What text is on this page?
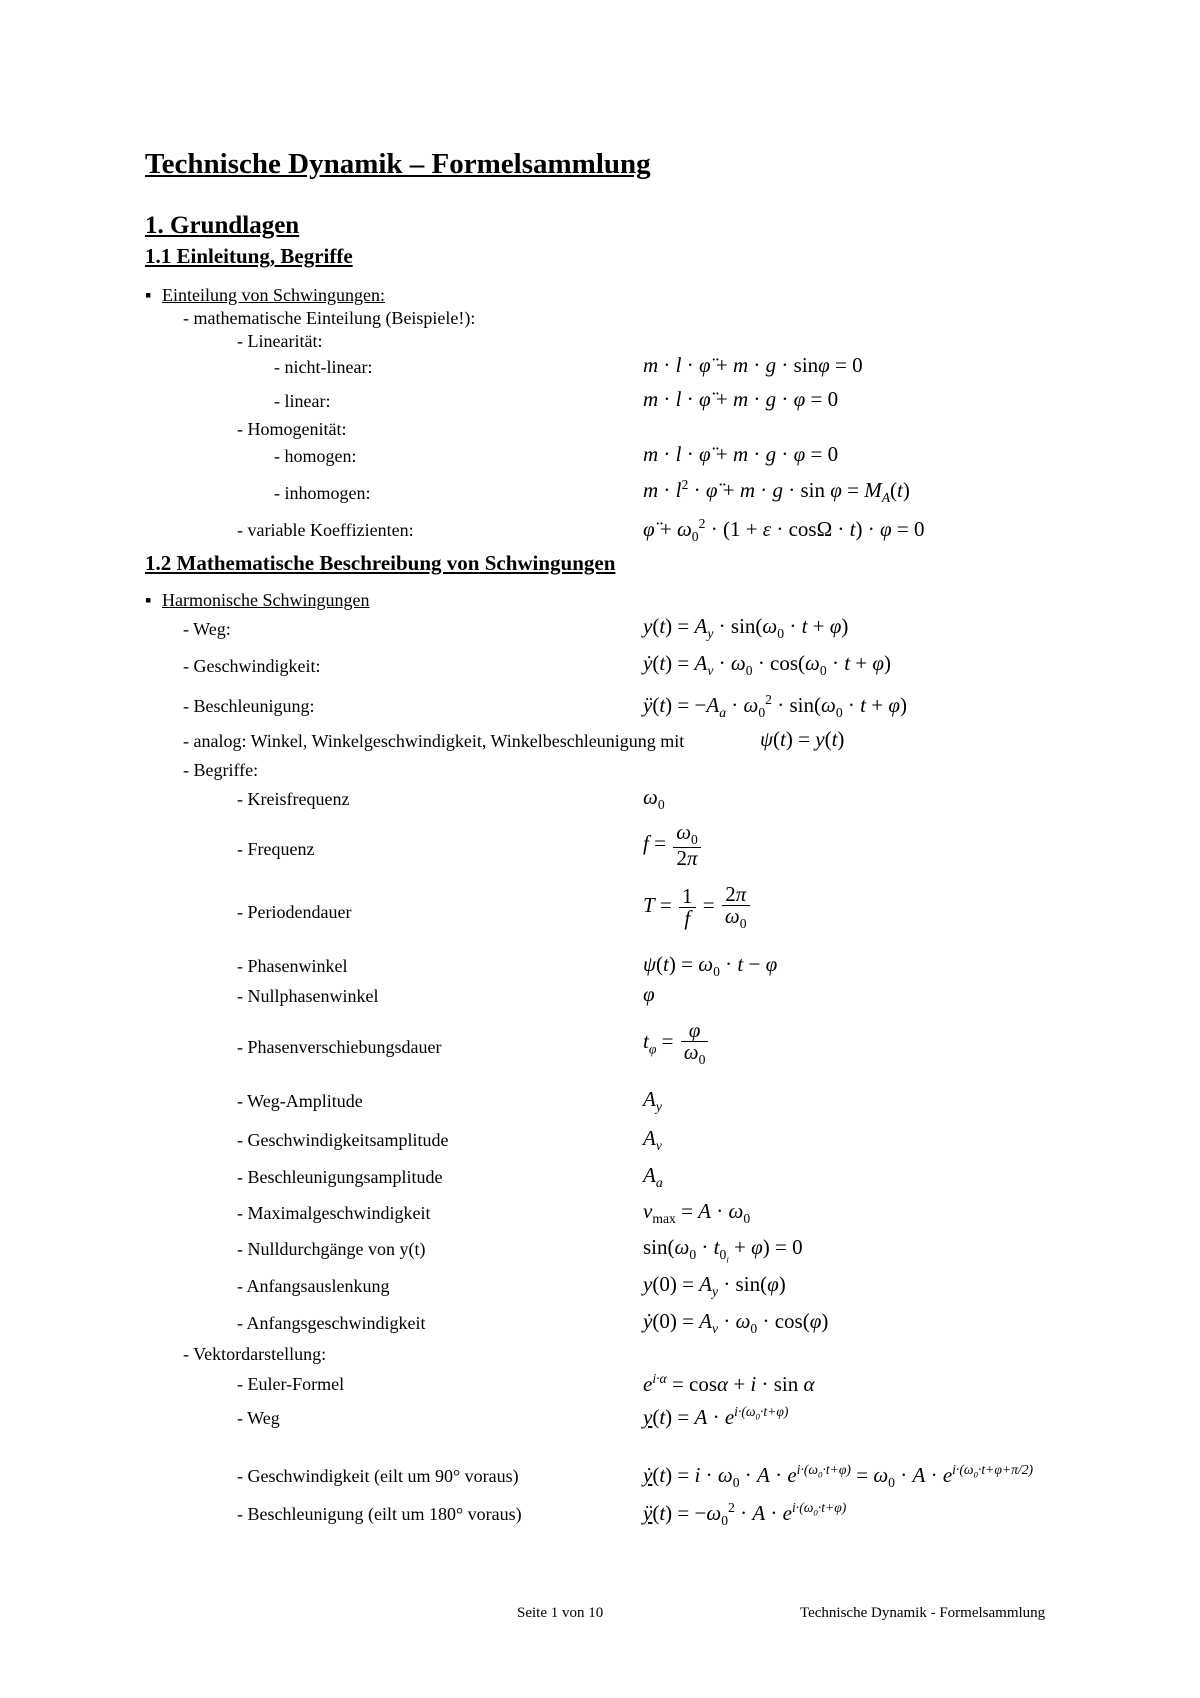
Technische Dynamik – Formelsammlung
1. Grundlagen
1.1 Einleitung, Begriffe
▪ Einteilung von Schwingungen:
- mathematische Einteilung (Beispiele!):
- Linearität:
- nicht-linear:
- linear:
- Homogenität:
- homogen:
- inhomogen:
- variable Koeffizienten:
m · l · φ̈ + m · g · sinφ = 0
m · l · φ̈ + m · g · φ = 0
m · l · φ̈ + m · g · φ = 0
$m \cdot l^2$ · φ̈ + $m \cdot g \cdot \sin \varphi = M_A(t)$
φ̈ + $\omega_0^2 \cdot (1 + \varepsilon \cdot \cos\Omega \cdot t) \cdot \varphi = 0$
1.2 Mathematische Beschreibung von Schwingungen
▪ Harmonische Schwingungen
- Weg:
- Geschwindigkeit:
- Beschleunigung:
- analog: Winkel, Winkelgeschwindigkeit, Winkelbeschleunigung mit	ψ(t) = y(t)
- Begriffe:
- Kreisfrequenz
- Frequenz
- Periodendauer
- Phasenwinkel
- Nullphasenwinkel
- Phasenverschiebungsdauer
- Weg-Amplitude
- Geschwindigkeitsamplitude
- Beschleunigungsamplitude
- Maximalgeschwindigkeit
- Nulldurchgänge von y(t)
- Anfangsauslenkung
- Anfangsgeschwindigkeit
- Vektordarstellung:
- Euler-Formel
- Weg
- Geschwindigkeit (eilt um 90° voraus)
- Beschleunigung (eilt um 180° voraus)
$y(t) = A_y \cdot \sin(\omega_0 \cdot t + \varphi)$
ẏ(t) = $A_v \cdot \omega_0 \cdot \cos(\omega_0 \cdot t + \varphi)$
ÿ(t) = $-A_a \cdot \omega_0^2 \cdot \sin(\omega_0 \cdot t + \varphi)$
$\omega_0$
$f = \frac{\omega_0}{2\pi}$
$T = \frac{1}{f} = \frac{2\pi}{\omega_0}$
$\psi(t) = \omega_0 \cdot t - \varphi$
φ
$t_\varphi = \frac{\varphi}{\omega_0}$
$A_y$
$A_v$
$A_a$
$v_{max} = A \cdot \omega_0$
$\sin(\omega_0 \cdot t_{0_i} + \varphi) = 0$
$y(0) = A_y \cdot \sin(\varphi)$
ẏ(0) = $A_v \cdot \omega_0 \cdot \cos(\varphi)$
$e^{i\cdot\alpha} = \cos\alpha + i \cdot \sin \alpha$
$y(t) = A \cdot e^{i\cdot(\omega_0\cdot t+\varphi)}$
ẏ(t) = $i \cdot \omega_0 \cdot A \cdot e^{i\cdot(\omega_0\cdot t+\varphi)} = \omega_0 \cdot A \cdot e^{i\cdot(\omega_0\cdot t+\varphi+\pi/2)}$
ÿ(t) = $-\omega_0^2 \cdot A \cdot e^{i\cdot(\omega_0\cdot t+\varphi)}$
Seite 1 von 10	Technische Dynamik - Formelsammlung
